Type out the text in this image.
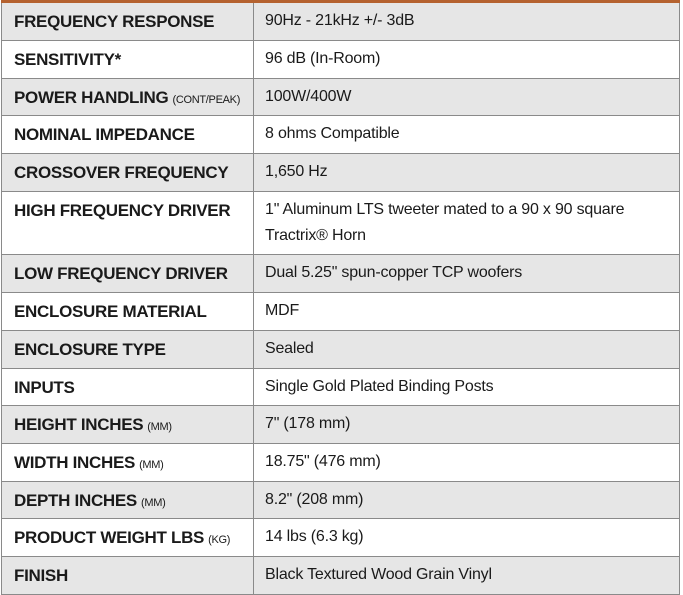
FREQUENCY RESPONSE	90Hz - 21kHz +/- 3dB
SENSITIVITY*	96 dB (In-Room)
POWER HANDLING (CONT/PEAK)	100W/400W
NOMINAL IMPEDANCE	8 ohms Compatible
CROSSOVER FREQUENCY	1,650 Hz
HIGH FREQUENCY DRIVER	1" Aluminum LTS tweeter mated to a 90 x 90 square Tractrix® Horn
LOW FREQUENCY DRIVER	Dual 5.25" spun-copper TCP woofers
ENCLOSURE MATERIAL	MDF
ENCLOSURE TYPE	Sealed
INPUTS	Single Gold Plated Binding Posts
HEIGHT INCHES (MM)	7" (178 mm)
WIDTH INCHES (MM)	18.75" (476 mm)
DEPTH INCHES (MM)	8.2" (208 mm)
PRODUCT WEIGHT LBS (KG)	14 lbs (6.3 kg)
FINISH	Black Textured Wood Grain Vinyl
